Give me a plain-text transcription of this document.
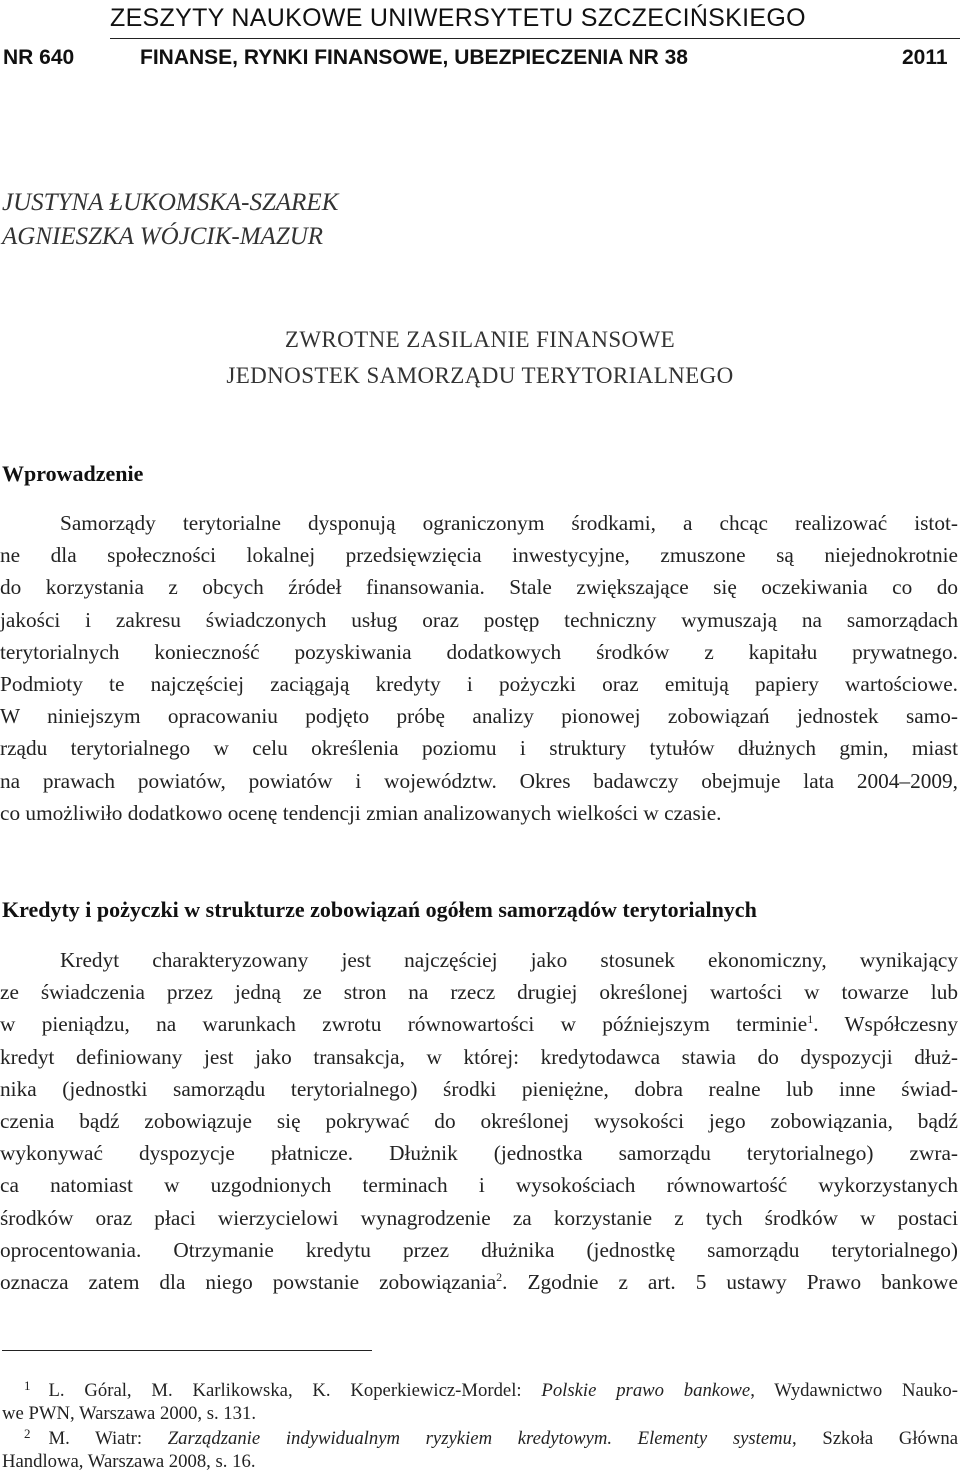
ZESZYTY NAUKOWE UNIWERSYTETU SZCZECIŃSKIEGO
NR 640	FINANSE, RYNKI FINANSOWE, UBEZPIECZENIA NR 38	2011
JUSTYNA ŁUKOMSKA-SZAREK
AGNIESZKA WÓJCIK-MAZUR
ZWROTNE ZASILANIE FINANSOWE
JEDNOSTEK SAMORZĄDU TERYTORIALNEGO
Wprowadzenie
Samorządy terytorialne dysponują ograniczonym środkami, a chcąc realizować istot-
ne dla społeczności lokalnej przedsięwzięcia inwestycyjne, zmuszone są niejednokrotnie
do korzystania z obcych źródeł finansowania. Stale zwiększające się oczekiwania co do
jakości i zakresu świadczonych usług oraz postęp techniczny wymuszają na samorządach
terytorialnych konieczność pozyskiwania dodatkowych środków z kapitału prywatnego.
Podmioty te najczęściej zaciągają kredyty i pożyczki oraz emitują papiery wartościowe.
W niniejszym opracowaniu podjęto próbę analizy pionowej zobowiązań jednostek samo-
rządu terytorialnego w celu określenia poziomu i struktury tytułów dłużnych gmin, miast
na prawach powiatów, powiatów i województw. Okres badawczy obejmuje lata 2004–2009,
co umożliwiło dodatkowo ocenę tendencji zmian analizowanych wielkości w czasie.
Kredyty i pożyczki w strukturze zobowiązań ogółem samorządów terytorialnych
Kredyt charakteryzowany jest najczęściej jako stosunek ekonomiczny, wynikający
ze świadczenia przez jedną ze stron na rzecz drugiej określonej wartości w towarze lub
w pieniądzu, na warunkach zwrotu równowartości w późniejszym terminie$^1$. Współczesny
kredyt definiowany jest jako transakcja, w której: kredytodawca stawia do dyspozycji dłuż-
nika (jednostki samorządu terytorialnego) środki pieniężne, dobra realne lub inne świad-
czenia bądź zobowiązuje się pokrywać do określonej wysokości jego zobowiązania, bądź
wykonywać dyspozycje płatnicze. Dłużnik (jednostka samorządu terytorialnego) zwra-
ca natomiast w uzgodnionych terminach i wysokościach równowartość wykorzystanych
środków oraz płaci wierzycielowi wynagrodzenie za korzystanie z tych środków w postaci
oprocentowania. Otrzymanie kredytu przez dłużnika (jednostkę samorządu terytorialnego)
oznacza zatem dla niego powstanie zobowiązania$^2$. Zgodnie z art. 5 ustawy Prawo bankowe
$^1$ L. Góral, M. Karlikowska, K. Koperkiewicz-Mordel: Polskie prawo bankowe, Wydawnictwo Nauko-
we PWN, Warszawa 2000, s. 131.
$^2$ M. Wiatr: Zarządzanie indywidualnym ryzykiem kredytowym. Elementy systemu, Szkoła Główna
Handlowa, Warszawa 2008, s. 16.
